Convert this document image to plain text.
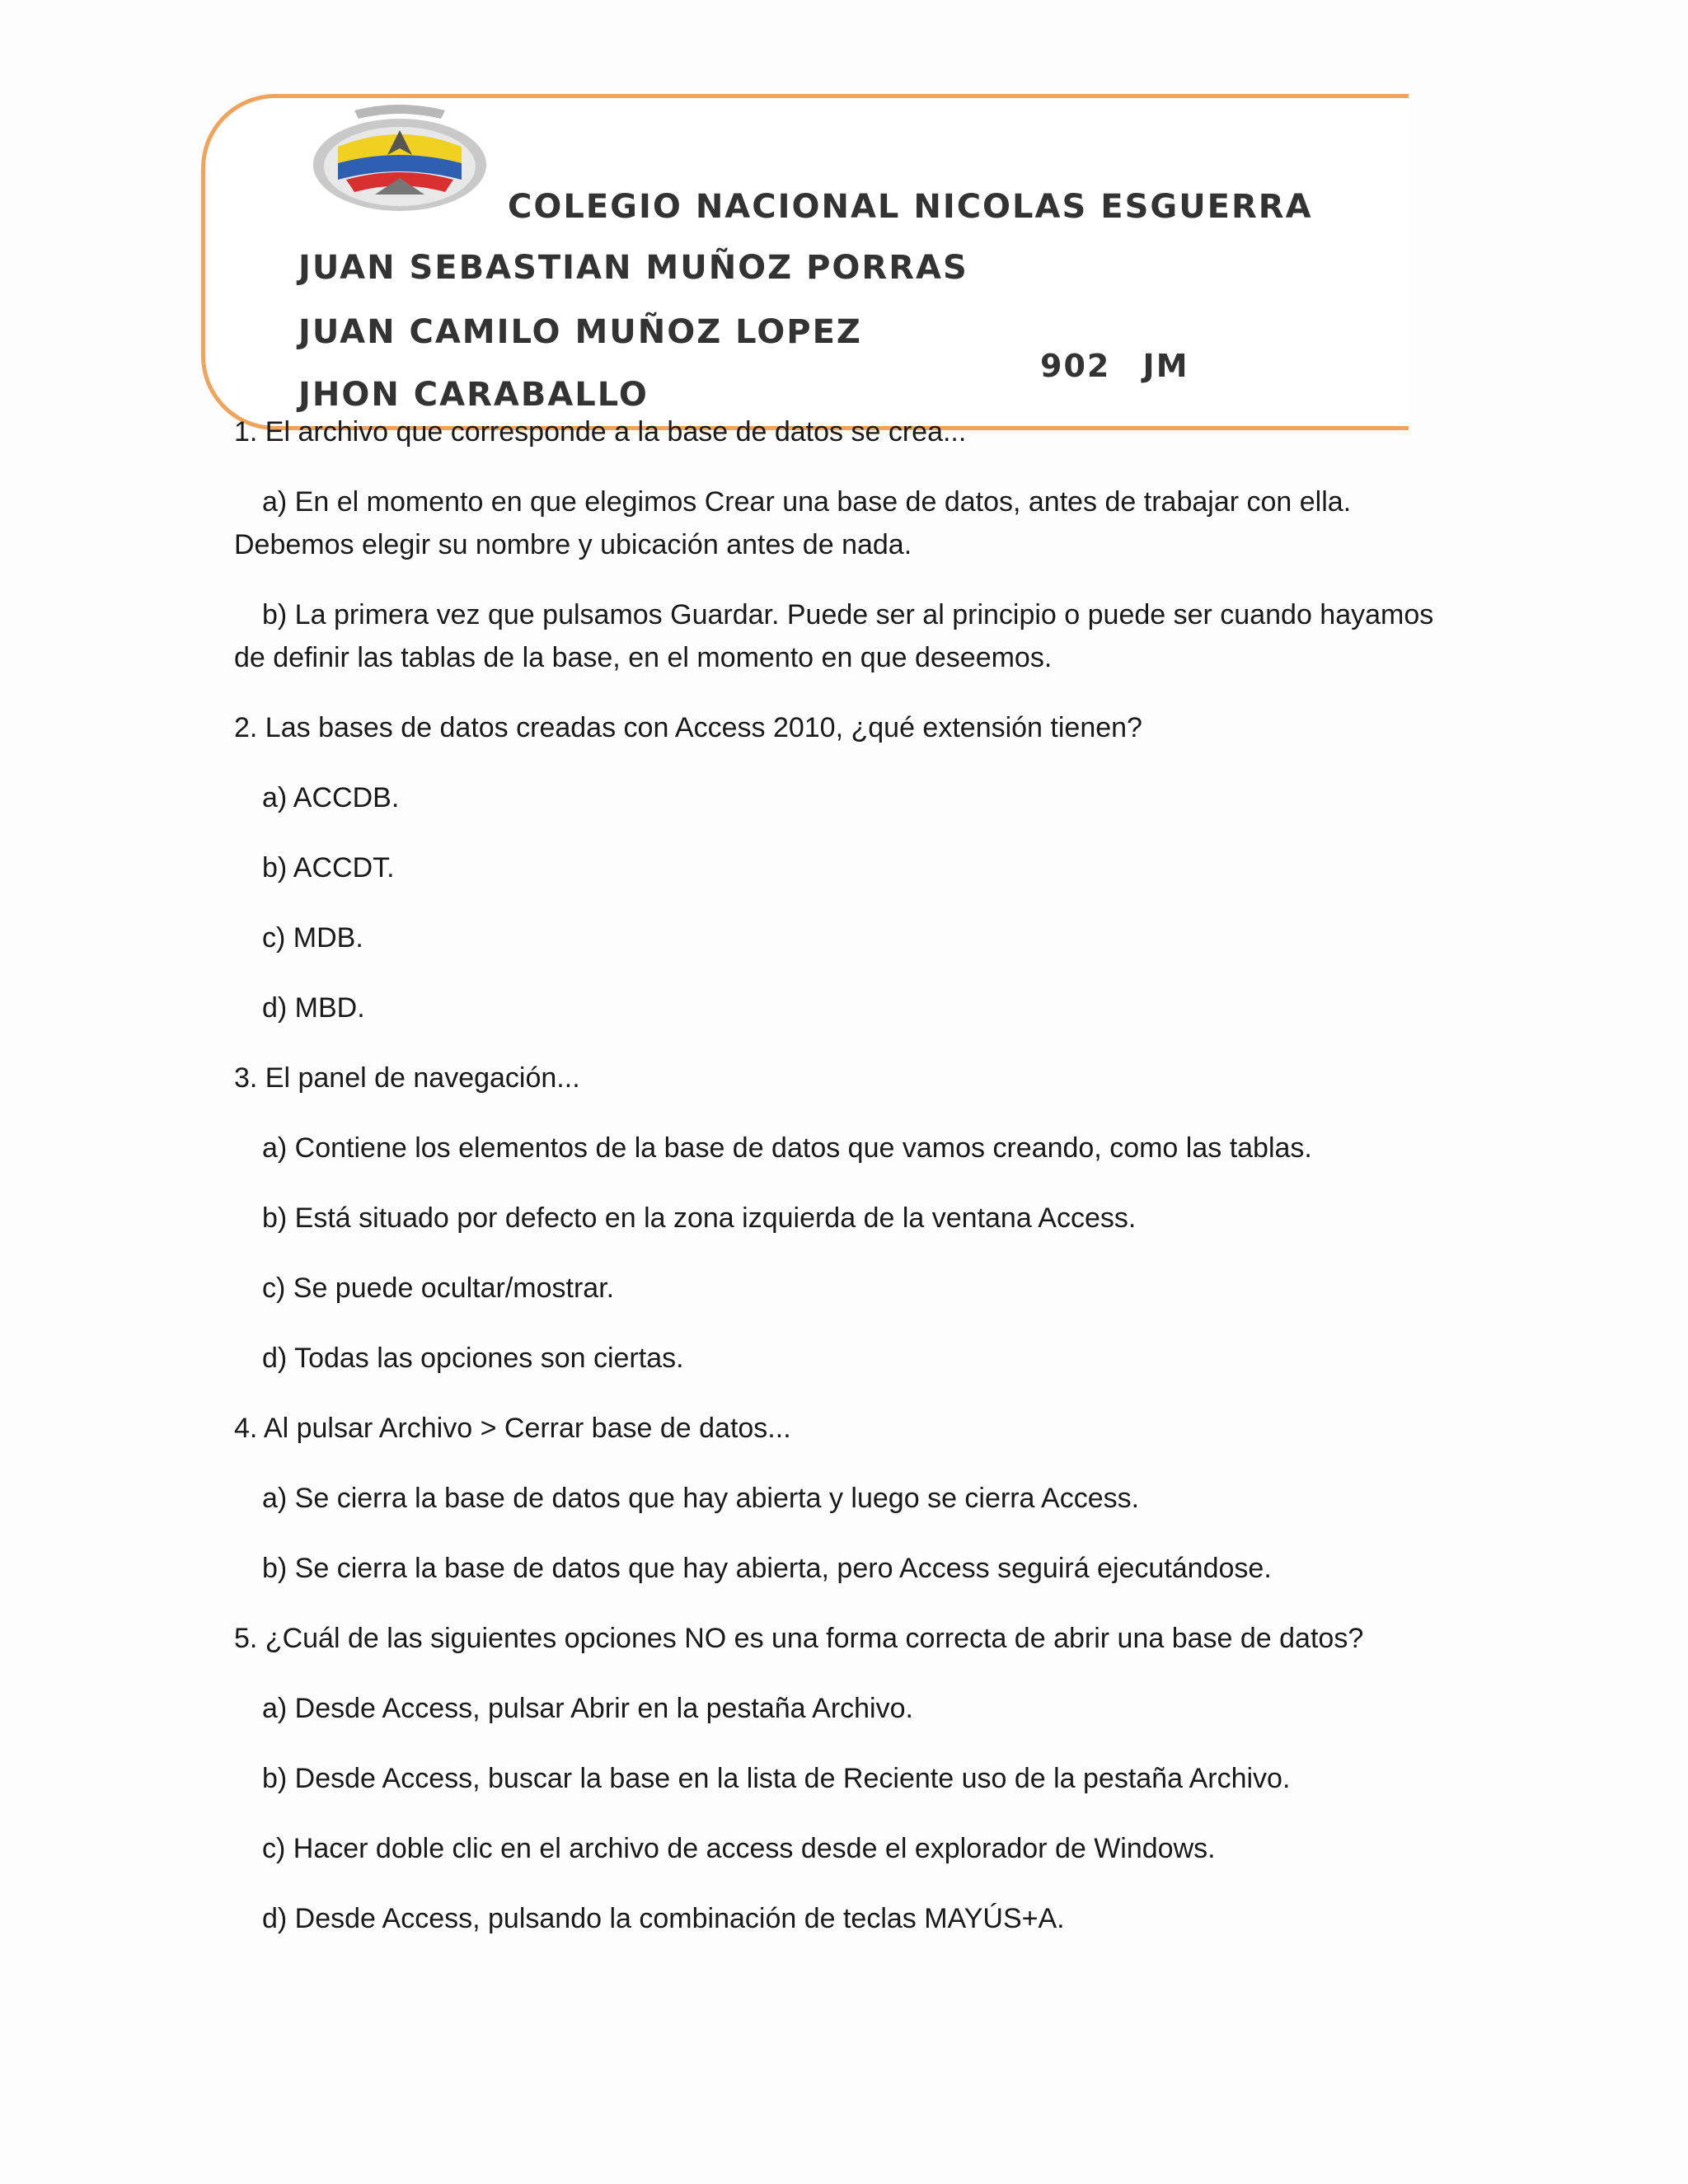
COLEGIO NACIONAL NICOLAS ESGUERRA
JUAN SEBASTIAN MUÑOZ PORRAS
JUAN CAMILO MUÑOZ LOPEZ
JHON CARABALLO
902 JM
1. El archivo que corresponde a la base de datos se crea...
a) En el momento en que elegimos Crear una base de datos, antes de trabajar con ella. Debemos elegir su nombre y ubicación antes de nada.
b) La primera vez que pulsamos Guardar. Puede ser al principio o puede ser cuando hayamos de definir las tablas de la base, en el momento en que deseemos.
2. Las bases de datos creadas con Access 2010, ¿qué extensión tienen?
a) ACCDB.
b) ACCDT.
c) MDB.
d) MBD.
3. El panel de navegación...
a) Contiene los elementos de la base de datos que vamos creando, como las tablas.
b) Está situado por defecto en la zona izquierda de la ventana Access.
c) Se puede ocultar/mostrar.
d) Todas las opciones son ciertas.
4. Al pulsar Archivo > Cerrar base de datos...
a) Se cierra la base de datos que hay abierta y luego se cierra Access.
b) Se cierra la base de datos que hay abierta, pero Access seguirá ejecutándose.
5. ¿Cuál de las siguientes opciones NO es una forma correcta de abrir una base de datos?
a) Desde Access, pulsar Abrir en la pestaña Archivo.
b) Desde Access, buscar la base en la lista de Reciente uso de la pestaña Archivo.
c) Hacer doble clic en el archivo de access desde el explorador de Windows.
d) Desde Access, pulsando la combinación de teclas MAYÚS+A.
